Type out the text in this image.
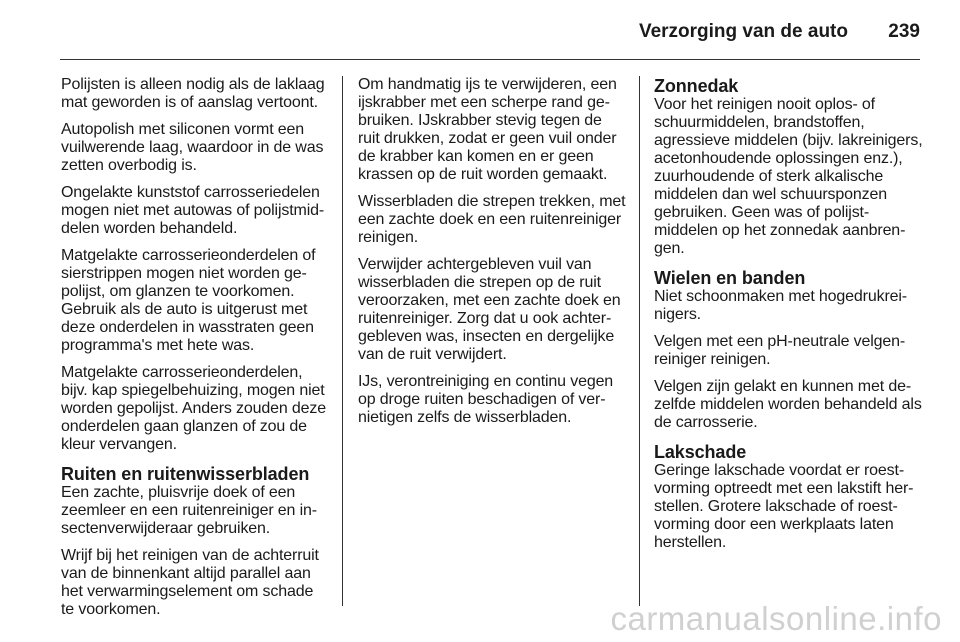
Verzorging van de auto 239

Polijsten is alleen nodig als de laklaag mat geworden is of aanslag vertoont.

Autopolish met siliconen vormt een vuilwerende laag, waardoor in de was zetten overbodig is.

Ongelakte kunststof carrosseriedelen mogen niet met autowas of polijstmiddelen worden behandeld.

Matgelakte carrosserieonderdelen of sierstrippen mogen niet worden gepolijst, om glanzen te voorkomen. Gebruik als de auto is uitgerust met deze onderdelen in wasstraten geen programma's met hete was.

Matgelakte carrosserieonderdelen, bijv. kap spiegelbehuizing, mogen niet worden gepolijst. Anders zouden deze onderdelen gaan glanzen of zou de kleur vervangen.

Ruiten en ruitenwisserbladen

Een zachte, pluisvrije doek of een zeemleer en een ruitenreiniger en insectenverwijderaar gebruiken.

Wrijf bij het reinigen van de achterruit van de binnenkant altijd parallel aan het verwarmingselement om schade te voorkomen.

Om handmatig ijs te verwijderen, een ijskrabber met een scherpe rand gebruiken. IJskrabber stevig tegen de ruit drukken, zodat er geen vuil onder de krabber kan komen en er geen krassen op de ruit worden gemaakt.

Wisserbladen die strepen trekken, met een zachte doek en een ruitenreiniger reinigen.

Verwijder achtergebleven vuil van wisserbladen die strepen op de ruit veroorzaken, met een zachte doek en ruitenreiniger. Zorg dat u ook achtergebleven was, insecten en dergelijke van de ruit verwijdert.

IJs, verontreiniging en continu vegen op droge ruiten beschadigen of vernietigen zelfs de wisserbladen.

Zonnedak

Voor het reinigen nooit oplos- of schuurmiddelen, brandstoffen, agressieve middelen (bijv. lakreinigers, acetonhoudende oplossingen enz.), zuurhoudende of sterk alkalische middelen dan wel schuursponzen gebruiken. Geen was of polijstmiddelen op het zonnedak aanbrengen.

Wielen en banden

Niet schoonmaken met hogedrukreinigers.

Velgen met een pH-neutrale velgenreiniger reinigen.

Velgen zijn gelakt en kunnen met dezelfde middelen worden behandeld als de carrosserie.

Lakschade

Geringe lakschade voordat er roestvorming optreedt met een lakstift herstellen. Grotere lakschade of roestvorming door een werkplaats laten herstellen.

carmanualsonline.info
